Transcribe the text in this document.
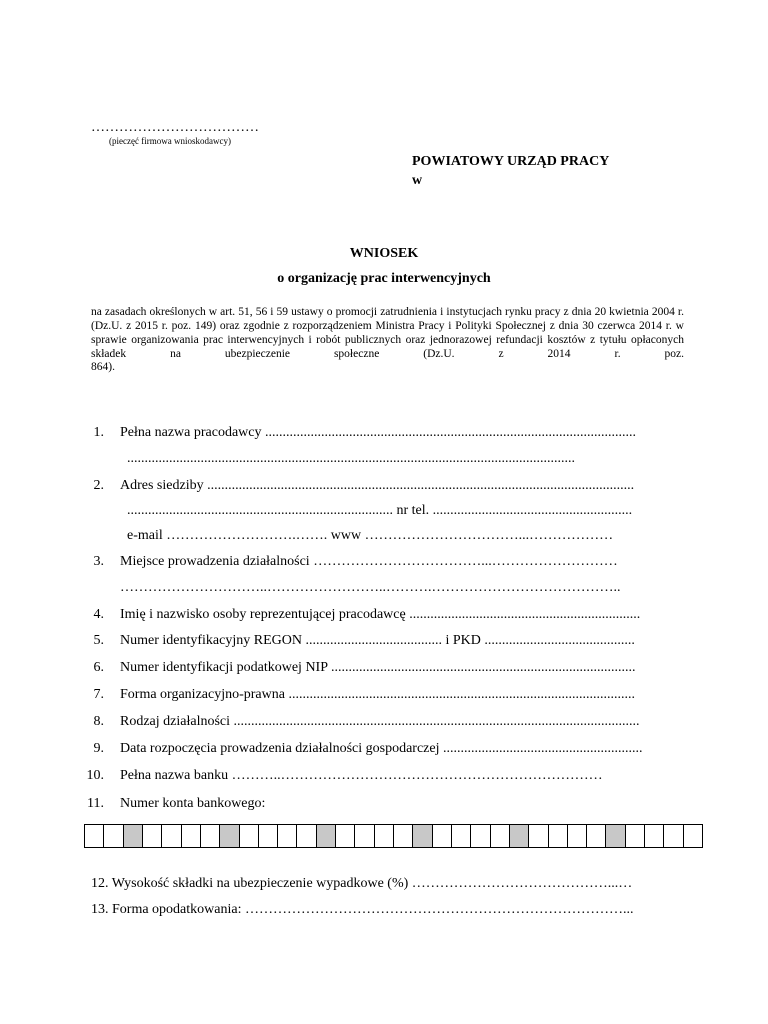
………………………………
(pieczęć firmowa wnioskodawcy)
POWIATOWY URZĄD PRACY
w
WNIOSEK
o organizację prac interwencyjnych
na zasadach określonych w art. 51, 56 i 59 ustawy o promocji zatrudnienia i instytucjach rynku pracy z dnia 20 kwietnia 2004 r. (Dz.U. z 2015 r. poz. 149) oraz zgodnie z rozporządzeniem Ministra Pracy i Polityki Społecznej z dnia 30 czerwca 2014 r. w sprawie organizowania prac interwencyjnych i robót publicznych oraz jednorazowej refundacji kosztów z tytułu opłaconych składek na ubezpieczenie społeczne (Dz.U. z 2014 r. poz.
864).
1. Pełna nazwa pracodawcy ..........................................................................................................
................................................................................................................................
2. Adres siedziby ..........................................................................................................................
............................................................................ nr tel. .........................................................
e-mail ……………………….……. www ……………………………...………………
3. Miejsce prowadzenia działalności ………………………………...………………………
…………………………..……………………..……….…………………………………..
4. Imię i nazwisko osoby reprezentującej pracodawcę ..................................................................
5. Numer identyfikacyjny REGON ....................................... i PKD ...........................................
6. Numer identyfikacji podatkowej NIP .......................................................................................
7. Forma organizacyjno-prawna ...................................................................................................
8. Rodzaj działalności ....................................................................................................................
9. Data rozpoczęcia prowadzenia działalności gospodarczej .........................................................
10. Pełna nazwa banku ………..……………………………………………………………
11. Numer konta bankowego:
12. Wysokość składki na ubezpieczenie wypadkowe (%) ……………………………………...…
13. Forma opodatkowania: ………………………………………………………………………...
